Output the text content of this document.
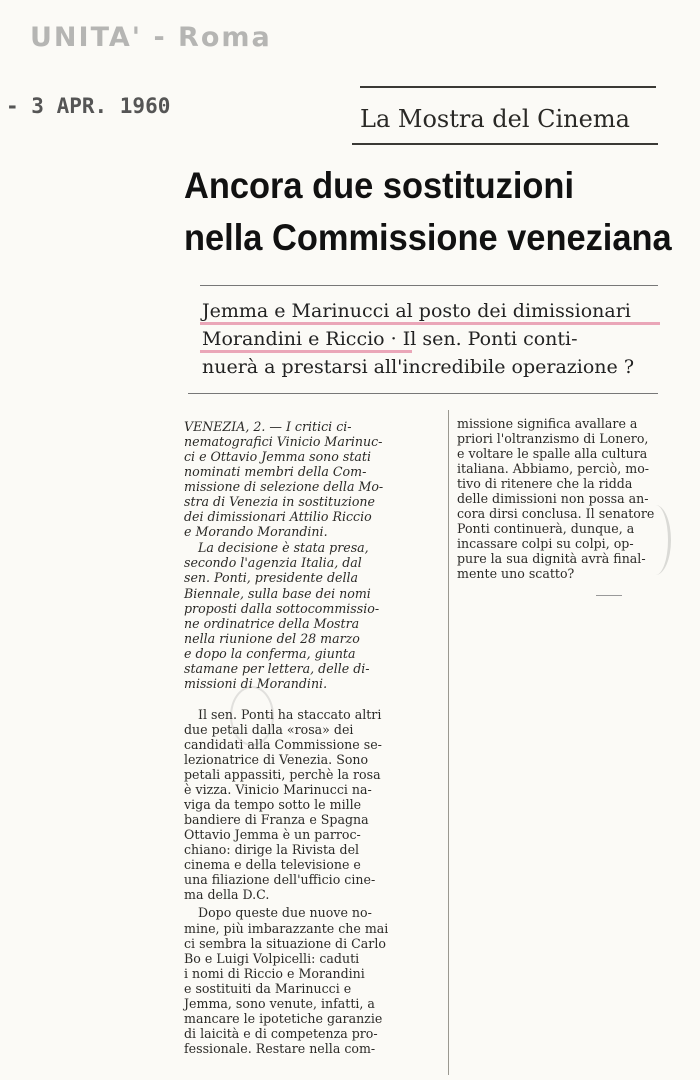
UNITA' - Roma
- 3 APR. 1960	La Mostra del Cinema
Ancora due sostituzioni
nella Commissione veneziana
Jemma e Marinucci al posto dei dimissionari
Morandini e Riccio · Il sen. Ponti conti-
nuerà a prestarsi all'incredibile operazione ?
VENEZIA, 2. — I critici ci-
nematografici Vinicio Marinuc-
ci e Ottavio Jemma sono stati
nominati membri della Com-
missione di selezione della Mo-
stra di Venezia in sostituzione
dei dimissionari Attilio Riccio
e Morando Morandini.
La decisione è stata presa,
secondo l'agenzia Italia, dal
sen. Ponti, presidente della
Biennale, sulla base dei nomi
proposti dalla sottocommissio-
ne ordinatrice della Mostra
nella riunione del 28 marzo
e dopo la conferma, giunta
stamane per lettera, delle di-
missioni di Morandini.
Il sen. Ponti ha staccato altri
due petali dalla «rosa» dei
candidati alla Commissione se-
lezionatrice di Venezia. Sono
petali appassiti, perchè la rosa
è vizza. Vinicio Marinucci na-
viga da tempo sotto le mille
bandiere di Franza e Spagna
Ottavio Jemma è un parroc-
chiano: dirige la Rivista del
cinema e della televisione e
una filiazione dell'ufficio cine-
ma della D.C.
Dopo queste due nuove no-
mine, più imbarazzante che mai
ci sembra la situazione di Carlo
Bo e Luigi Volpicelli: caduti
i nomi di Riccio e Morandini
e sostituiti da Marinucci e
Jemma, sono venute, infatti, a
mancare le ipotetiche garanzie
di laicità e di competenza pro-
fessionale. Restare nella com-
missione significa avallare a
priori l'oltranzismo di Lonero,
e voltare le spalle alla cultura
italiana. Abbiamo, perciò, mo-
tivo di ritenere che la ridda
delle dimissioni non possa an-
cora dirsi conclusa. Il senatore
Ponti continuerà, dunque, a
incassare colpi su colpi, op-
pure la sua dignità avrà final-
mente uno scatto?
